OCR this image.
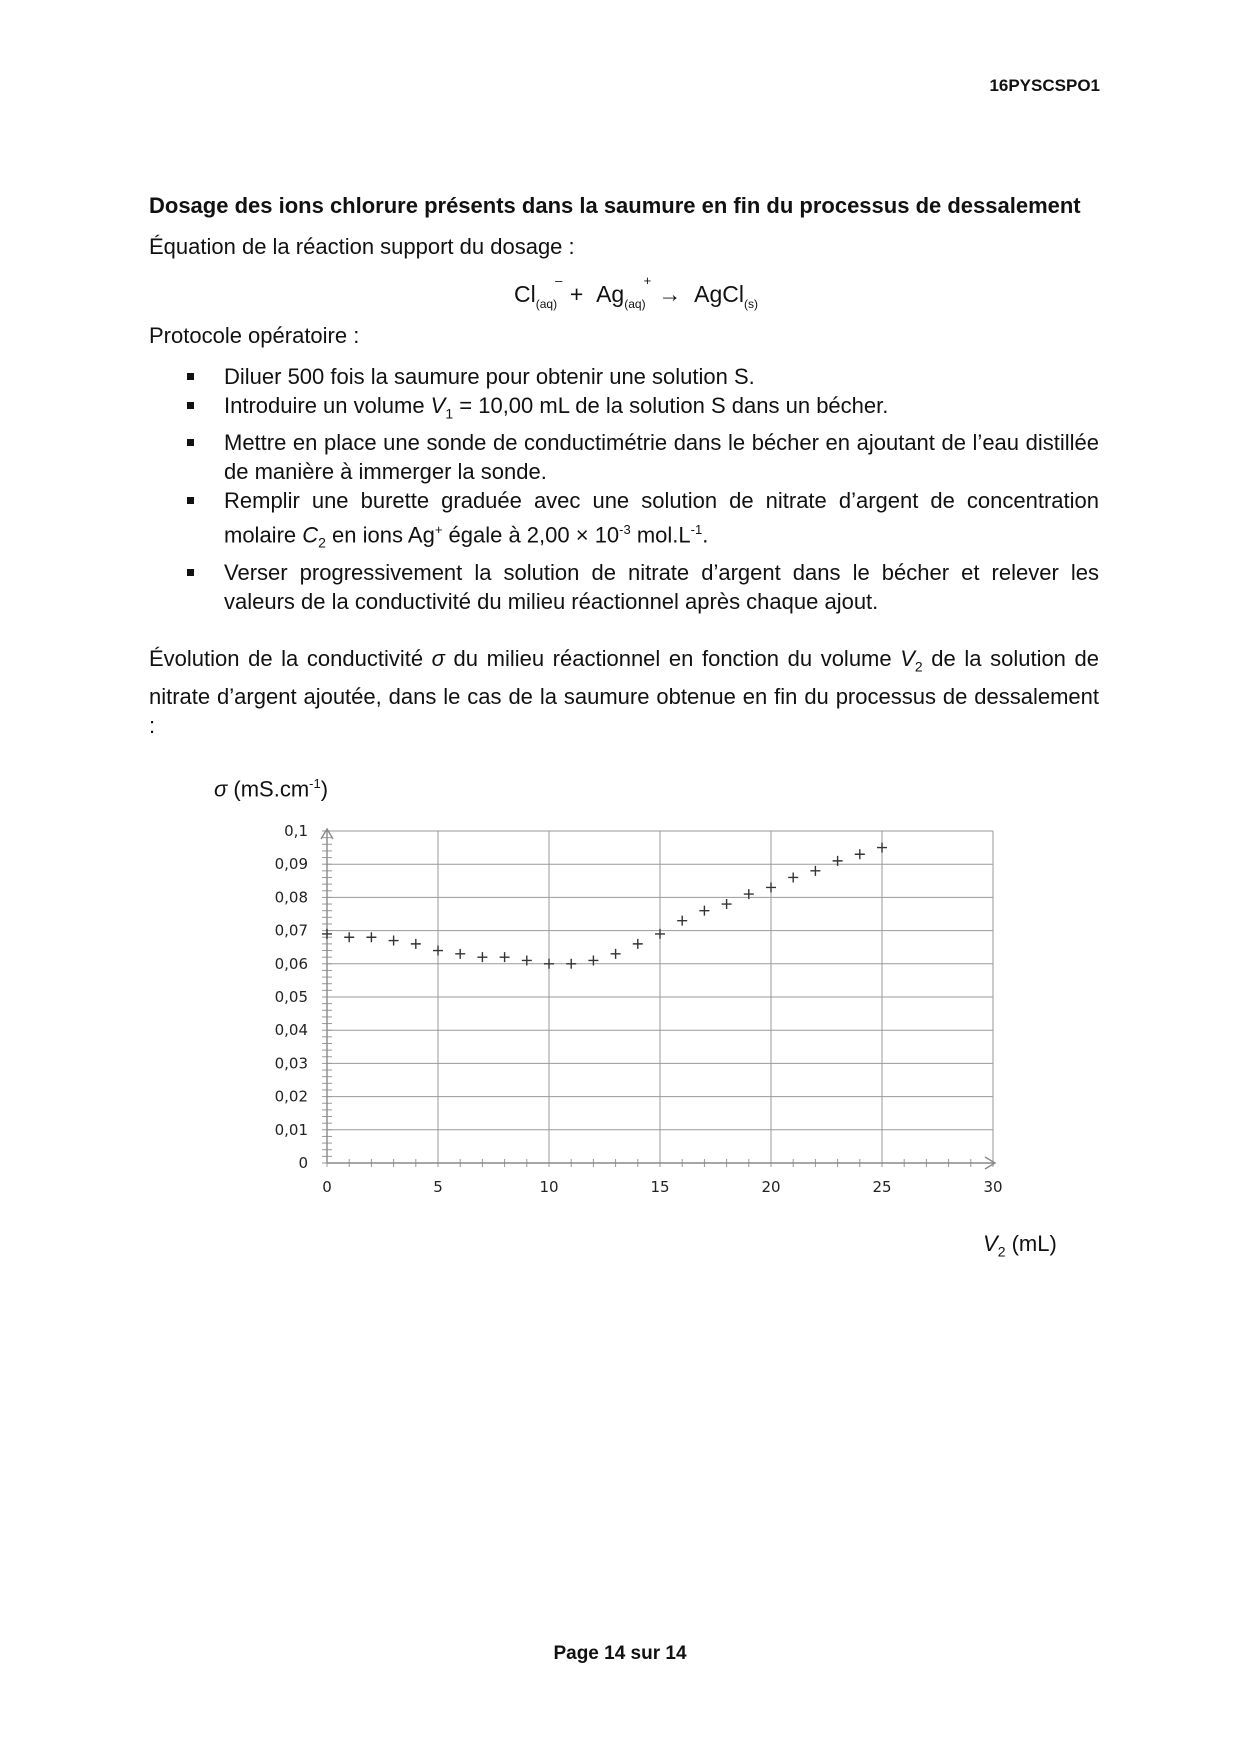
16PYSCSPO1

Dosage des ions chlorure présents dans la saumure en fin du processus de dessalement

Équation de la réaction support du dosage :

Cl
–
$_{(aq)}$ + Ag
+
$_{(aq)}$ → AgCl$_{(s)}$

Protocole opératoire :

Diluer 500 fois la saumure pour obtenir une solution S.
Introduire un volume $V_1 = 10,00$ mL de la solution S dans un bécher.
Mettre en place une sonde de conductimétrie dans le bécher en ajoutant de l’eau distillée de manière à immerger la sonde.
Remplir une burette graduée avec une solution de nitrate d’argent de concentration molaire $C_2$ en ions Ag+ égale à $2,00 \times 10^{-3}$ $mol.L^{-1}$.
Verser progressivement la solution de nitrate d’argent dans le bécher et relever les valeurs de la conductivité du milieu réactionnel après chaque ajout.

Évolution de la conductivité σ du milieu réactionnel en fonction du volume $V_2$ de la solution de nitrate d’argent ajoutée, dans le cas de la saumure obtenue en fin du processus de dessalement :

σ $(mS.cm^{-1})$
0	5	10	15	20	25	30
0
0,01
0,02
0,03
0,04
0,05
0,06
0,07
0,08
0,09
0,1
$V_2$ (mL)
Page 14 sur 14
